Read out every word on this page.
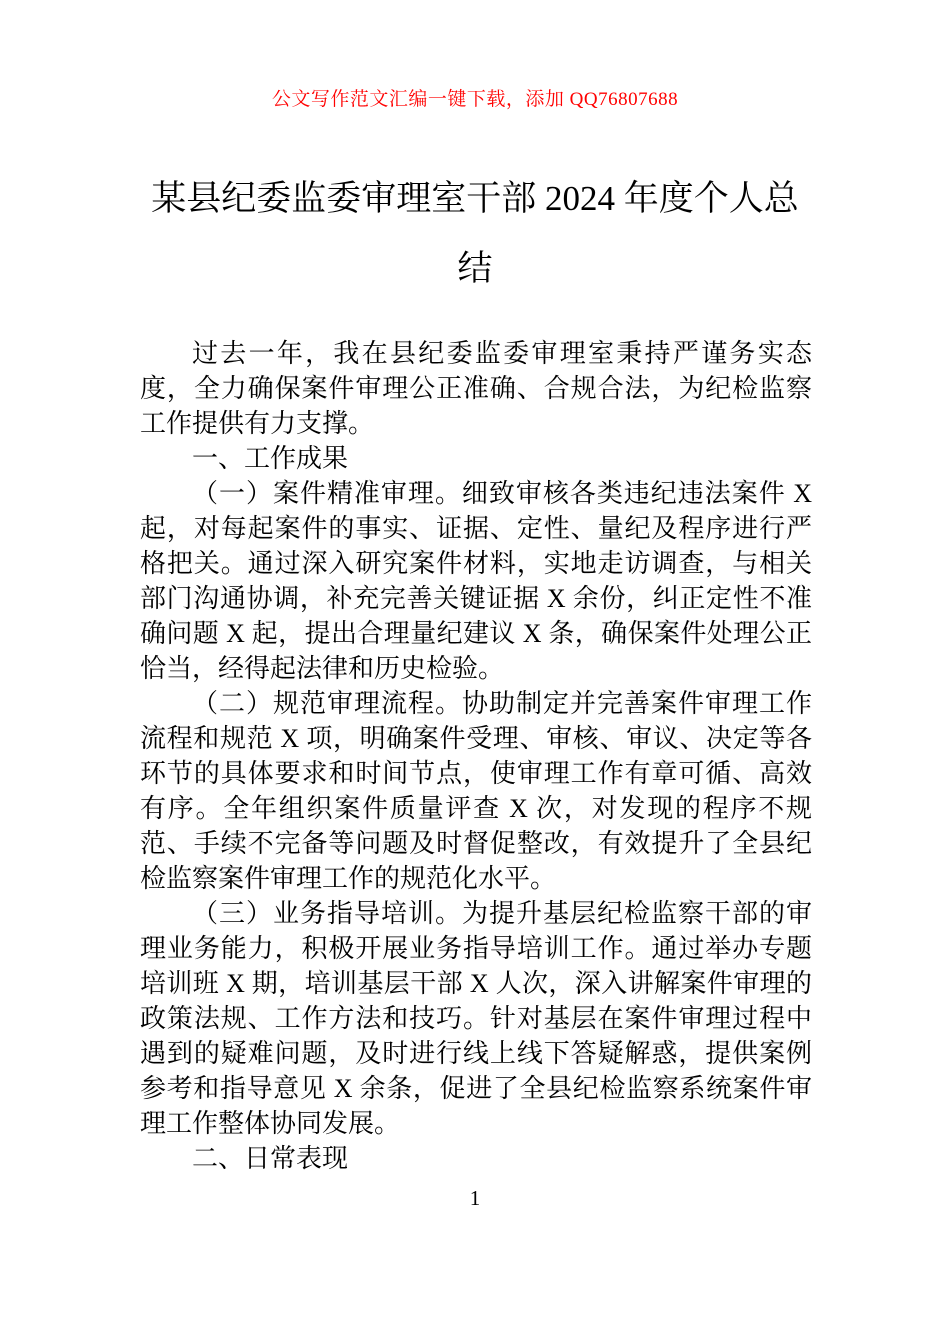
公文写作范文汇编一键下载，添加 QQ76807688
某县纪委监委审理室干部 2024 年度个人总结

过去一年，我在县纪委监委审理室秉持严谨务实态度，全力确保案件审理公正准确、合规合法，为纪检监察工作提供有力支撑。

一、工作成果

（一）案件精准审理。细致审核各类违纪违法案件 X 起，对每起案件的事实、证据、定性、量纪及程序进行严格把关。通过深入研究案件材料，实地走访调查，与相关部门沟通协调，补充完善关键证据 X 余份，纠正定性不准确问题 X 起，提出合理量纪建议 X 条，确保案件处理公正恰当，经得起法律和历史检验。

（二）规范审理流程。协助制定并完善案件审理工作流程和规范 X 项，明确案件受理、审核、审议、决定等各环节的具体要求和时间节点，使审理工作有章可循、高效有序。全年组织案件质量评查 X 次，对发现的程序不规范、手续不完备等问题及时督促整改，有效提升了全县纪检监察案件审理工作的规范化水平。

（三）业务指导培训。为提升基层纪检监察干部的审理业务能力，积极开展业务指导培训工作。通过举办专题培训班 X 期，培训基层干部 X 人次，深入讲解案件审理的政策法规、工作方法和技巧。针对基层在案件审理过程中遇到的疑难问题，及时进行线上线下答疑解惑，提供案例参考和指导意见 X 余条，促进了全县纪检监察系统案件审理工作整体协同发展。

二、日常表现

1
